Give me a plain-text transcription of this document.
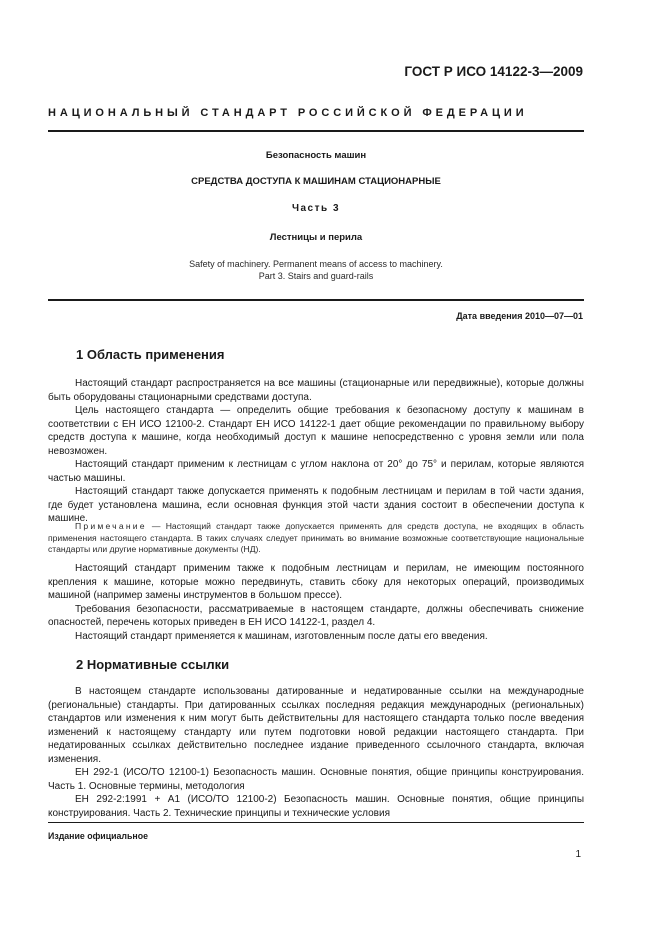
ГОСТ Р ИСО 14122-3—2009
НАЦИОНАЛЬНЫЙ СТАНДАРТ РОССИЙСКОЙ ФЕДЕРАЦИИ
Безопасность машин
СРЕДСТВА ДОСТУПА К МАШИНАМ СТАЦИОНАРНЫЕ
Часть 3
Лестницы и перила
Safety of machinery. Permanent means of access to machinery.
Part 3. Stairs and guard-rails
Дата введения 2010—07—01
1 Область применения

Настоящий стандарт распространяется на все машины (стационарные или передвижные), которые должны быть оборудованы стационарными средствами доступа.

Цель настоящего стандарта — определить общие требования к безопасному доступу к машинам в соответствии с ЕН ИСО 12100-2. Стандарт ЕН ИСО 14122-1 дает общие рекомендации по правильному выбору средств доступа к машине, когда необходимый доступ к машине непосредственно с уровня земли или пола невозможен.

Настоящий стандарт применим к лестницам с углом наклона от 20° до 75° и перилам, которые являются частью машины.

Настоящий стандарт также допускается применять к подобным лестницам и перилам в той части здания, где будет установлена машина, если основная функция этой части здания состоит в обеспечении доступа к машине.

Примечание — Настоящий стандарт также допускается применять для средств доступа, не входящих в область применения настоящего стандарта. В таких случаях следует принимать во внимание возможные соответствующие национальные стандарты или другие нормативные документы (НД).

Настоящий стандарт применим также к подобным лестницам и перилам, не имеющим постоянного крепления к машине, которые можно передвинуть, ставить сбоку для некоторых операций, производимых машиной (например замены инструментов в большом прессе).

Требования безопасности, рассматриваемые в настоящем стандарте, должны обеспечивать снижение опасностей, перечень которых приведен в ЕН ИСО 14122-1, раздел 4.

Настоящий стандарт применяется к машинам, изготовленным после даты его введения.

2 Нормативные ссылки

В настоящем стандарте использованы датированные и недатированные ссылки на международные (региональные) стандарты. При датированных ссылках последняя редакция международных (региональных) стандартов или изменения к ним могут быть действительны для настоящего стандарта только после введения изменений к настоящему стандарту или путем подготовки новой редакции настоящего стандарта. При недатированных ссылках действительно последнее издание приведенного ссылочного стандарта, включая изменения.

ЕН 292-1 (ИСО/ТО 12100-1) Безопасность машин. Основные понятия, общие принципы конструирования. Часть 1. Основные термины, методология

ЕН 292-2:1991 + А1 (ИСО/ТО 12100-2) Безопасность машин. Основные понятия, общие принципы конструирования. Часть 2. Технические принципы и технические условия

Издание официальное
1
